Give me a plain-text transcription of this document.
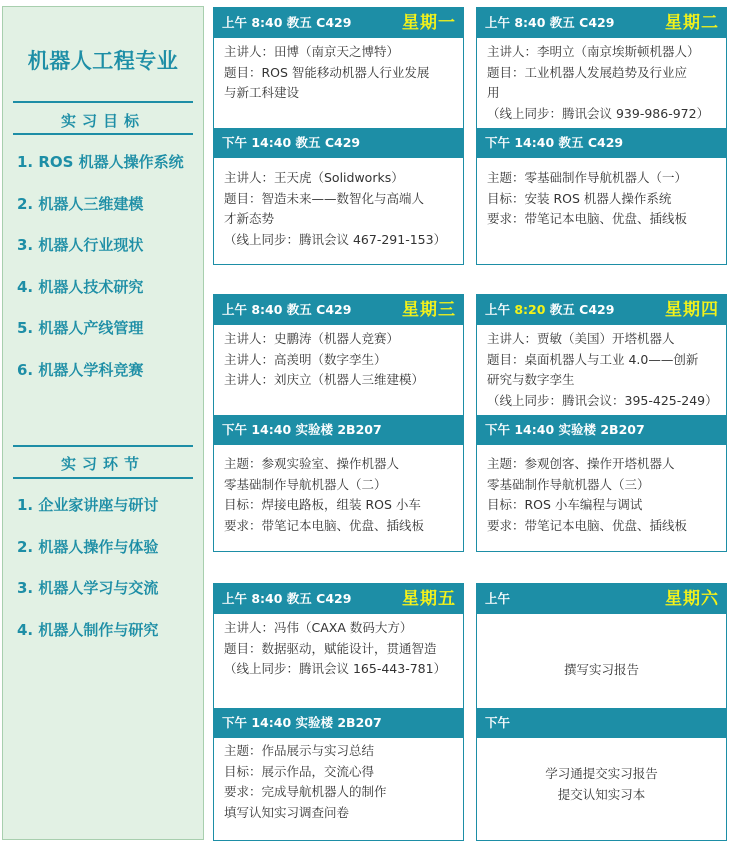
机器人工程专业
实习目标
1. ROS 机器人操作系统
2. 机器人三维建模
3. 机器人行业现状
4. 机器人技术研究
5. 机器人产线管理
6. 机器人学科竞赛
实习环节
1. 企业家讲座与研讨
2. 机器人操作与体验
3. 机器人学习与交流
4. 机器人制作与研究
上午 8:40 教五 C429	星期一

主讲人：田博（南京天之博特）

题目：ROS 智能移动机器人行业发展

与新工科建设

下午 14:40 教五 C429

主讲人：王天虎（Solidworks）

题目：智造未来——数智化与高端人

才新态势

（线上同步：腾讯会议 467-291-153）

上午 8:40 教五 C429	星期二

主讲人：李明立（南京埃斯顿机器人）

题目：工业机器人发展趋势及行业应

用

（线上同步：腾讯会议 939-986-972）

下午 14:40 教五 C429

主题：零基础制作导航机器人（一）

目标：安装 ROS 机器人操作系统

要求：带笔记本电脑、优盘、插线板

上午 8:40 教五 C429	星期三

主讲人：史鹏涛（机器人竞赛）

主讲人：高羡明（数字孪生）

主讲人：刘庆立（机器人三维建模）

下午 14:40 实验楼 2B207

主题：参观实验室、操作机器人

零基础制作导航机器人（二）

目标：焊接电路板，组装 ROS 小车

要求：带笔记本电脑、优盘、插线板

上午 8:20 教五 C429	星期四

主讲人：贾敏（美国）开塔机器人

题目：桌面机器人与工业 4.0——创新

研究与数字孪生

（线上同步：腾讯会议：395-425-249）

下午 14:40 实验楼 2B207

主题：参观创客、操作开塔机器人

零基础制作导航机器人（三）

目标：ROS 小车编程与调试

要求：带笔记本电脑、优盘、插线板

上午 8:40 教五 C429	星期五

主讲人：冯伟（CAXA 数码大方）

题目：数据驱动，赋能设计，贯通智造

（线上同步：腾讯会议 165-443-781）

下午 14:40 实验楼 2B207

主题：作品展示与实习总结

目标：展示作品，交流心得

要求：完成导航机器人的制作

填写认知实习调查问卷

上午	星期六

撰写实习报告

下午

学习通提交实习报告

提交认知实习本
